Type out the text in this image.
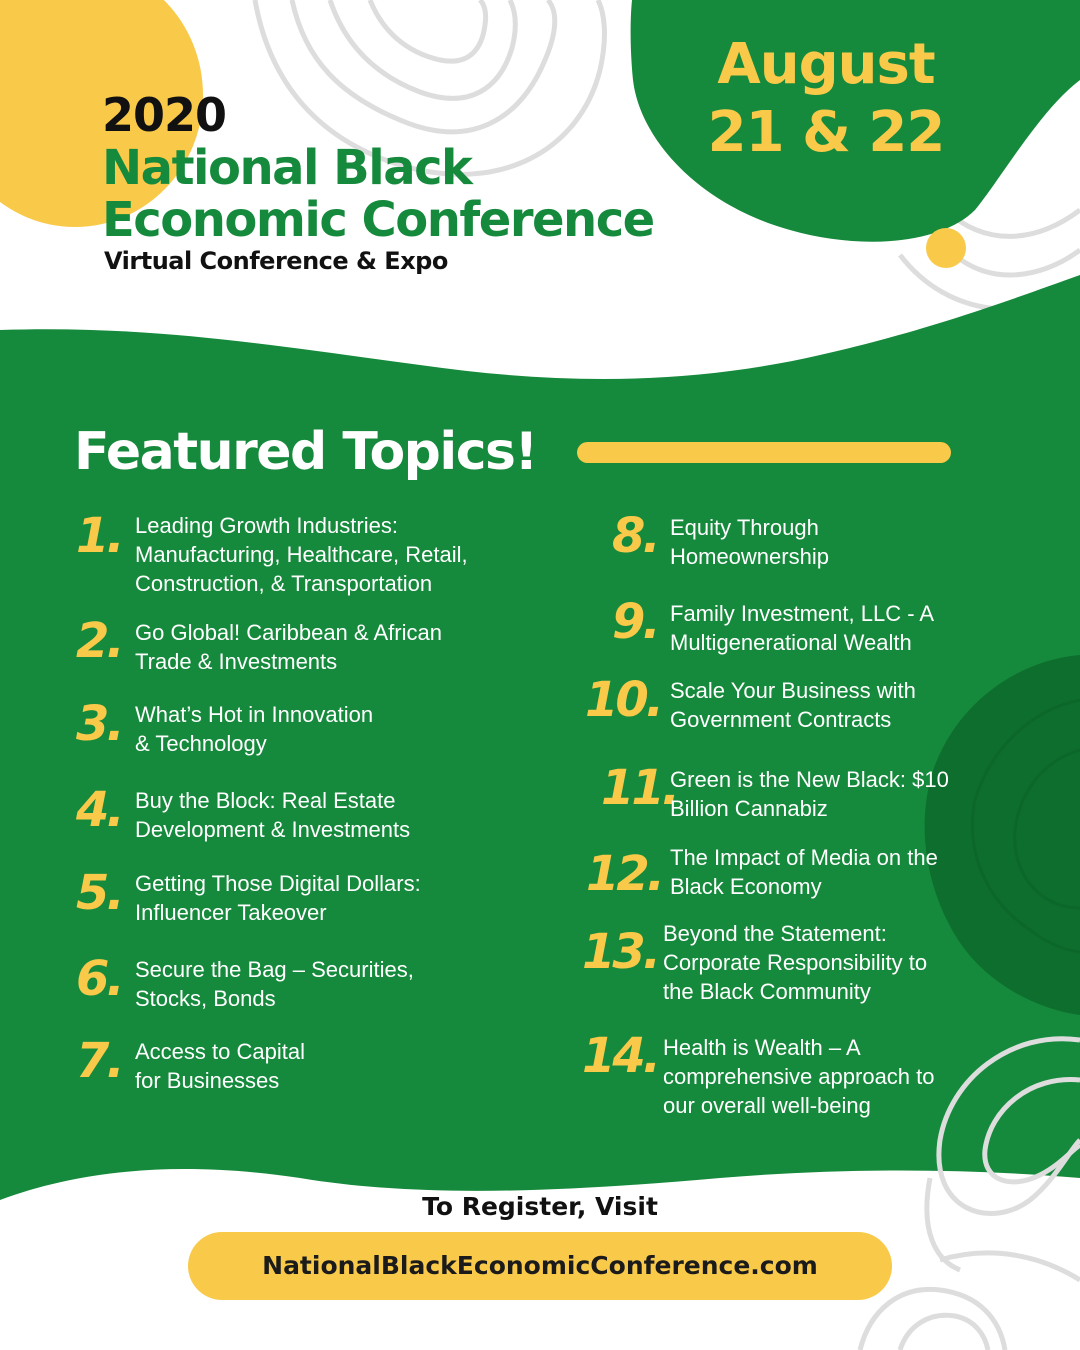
2020
National Black
Economic Conference
Virtual Conference & Expo
August
21 & 22
Featured Topics!
1. Leading Growth Industries:
Manufacturing, Healthcare, Retail,
Construction, & Transportation
2. Go Global! Caribbean & African
Trade & Investments
3. What’s Hot in Innovation
& Technology
4. Buy the Block: Real Estate
Development & Investments
5. Getting Those Digital Dollars:
Influencer Takeover
6. Secure the Bag – Securities,
Stocks, Bonds
7. Access to Capital
for Businesses
8. Equity Through
Homeownership
9. Family Investment, LLC - A
Multigenerational Wealth
10. Scale Your Business with
Government Contracts
11.
Green is the New Black: $10
Billion Cannabiz
12. The Impact of Media on the
Black Economy
13. Beyond the Statement:
Corporate Responsibility to
the Black Community
14. Health is Wealth – A
comprehensive approach to
our overall well-being
To Register, Visit
NationalBlackEconomicConference.com
